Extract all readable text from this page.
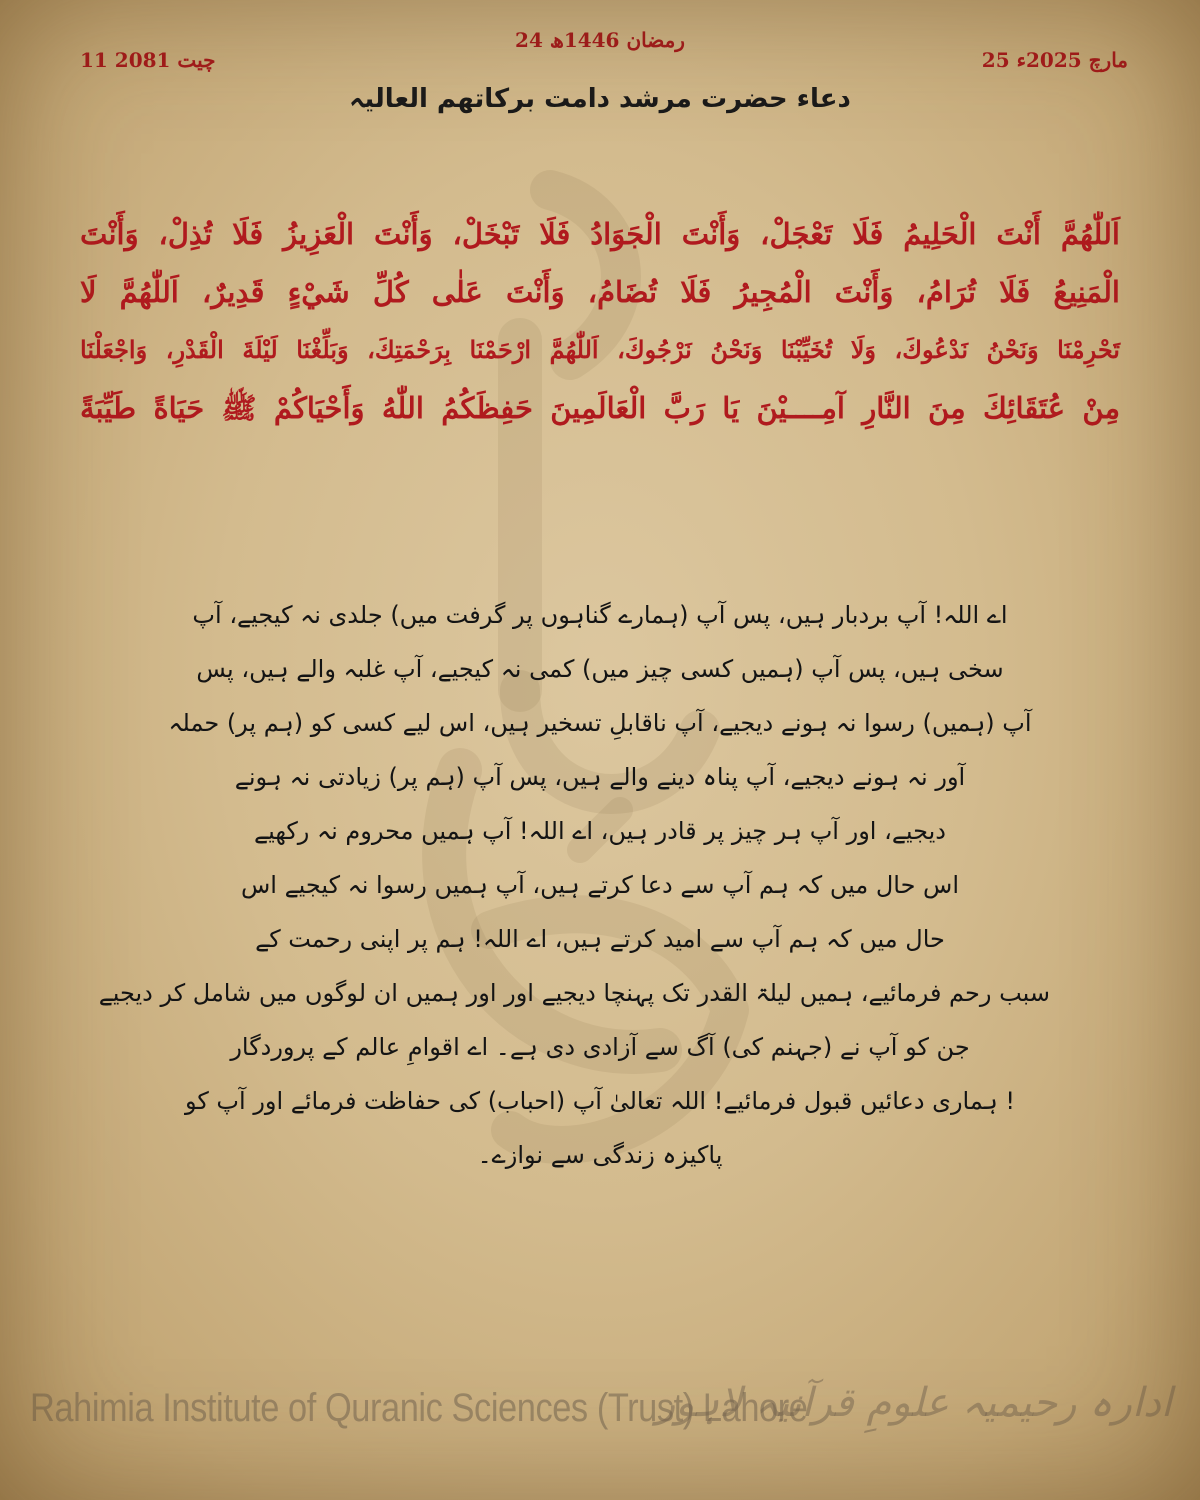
24 رمضان 1446ھ
25 مارچ 2025ء
11 چیت 2081
دعاء حضرت مرشد دامت برکاتھم العالیہ
اَللّٰهُمَّ أَنْتَ الْحَلِيمُ فَلَا تَعْجَلْ، وَأَنْتَ الْجَوَادُ فَلَا تَبْخَلْ، وَأَنْتَ الْعَزِيزُ فَلَا تُذِلْ، وَأَنْتَ
الْمَنِيعُ فَلَا تُرَامُ، وَأَنْتَ الْمُجِيرُ فَلَا تُضَامُ، وَأَنْتَ عَلٰى كُلِّ شَيْءٍ قَدِيرٌ، اَللّٰهُمَّ لَا
تَحْرِمْنَا وَنَحْنُ نَدْعُوكَ، وَلَا تُخَيِّبْنَا وَنَحْنُ نَرْجُوكَ، اَللّٰهُمَّ ارْحَمْنَا بِرَحْمَتِكَ، وَبَلِّغْنَا لَيْلَةَ الْقَدْرِ، وَاجْعَلْنَا
مِنْ عُتَقَائِكَ مِنَ النَّارِ آمِــــيْنَ يَا رَبَّ الْعَالَمِينَ حَفِظَكُمُ اللّٰهُ وَأَحْيَاكُمْ ﷺ حَيَاةً طَيِّبَةً
اے اللہ! آپ بردبار ہیں، پس آپ (ہمارے گناہوں پر گرفت میں) جلدی نہ کیجیے، آپ
سخی ہیں، پس آپ (ہمیں کسی چیز میں) کمی نہ کیجیے، آپ غلبہ والے ہیں، پس
آپ (ہمیں) رسوا نہ ہونے دیجیے، آپ ناقابلِ تسخیر ہیں، اس لیے کسی کو (ہم پر) حملہ
آور نہ ہونے دیجیے، آپ پناہ دینے والے ہیں، پس آپ (ہم پر) زیادتی نہ ہونے
دیجیے، اور آپ ہر چیز پر قادر ہیں، اے اللہ! آپ ہمیں محروم نہ رکھیے
اس حال میں کہ ہم آپ سے دعا کرتے ہیں، آپ ہمیں رسوا نہ کیجیے اس
حال میں کہ ہم آپ سے امید کرتے ہیں، اے اللہ! ہم پر اپنی رحمت کے
سبب رحم فرمائیے، ہمیں لیلۃ القدر تک پہنچا دیجیے اور اور ہمیں ان لوگوں میں شامل کر دیجیے
جن کو آپ نے (جہنم کی) آگ سے آزادی دی ہے۔ اے اقوامِ عالم کے پروردگار
! ہماری دعائیں قبول فرمائیے! اللہ تعالیٰ آپ (احباب) کی حفاظت فرمائے اور آپ کو
پاکیزہ زندگی سے نوازے۔
Rahimia Institute of Quranic Sciences (Trust) Lahore
ادارہ رحیمیہ علومِ قرآنیہ لاہور
